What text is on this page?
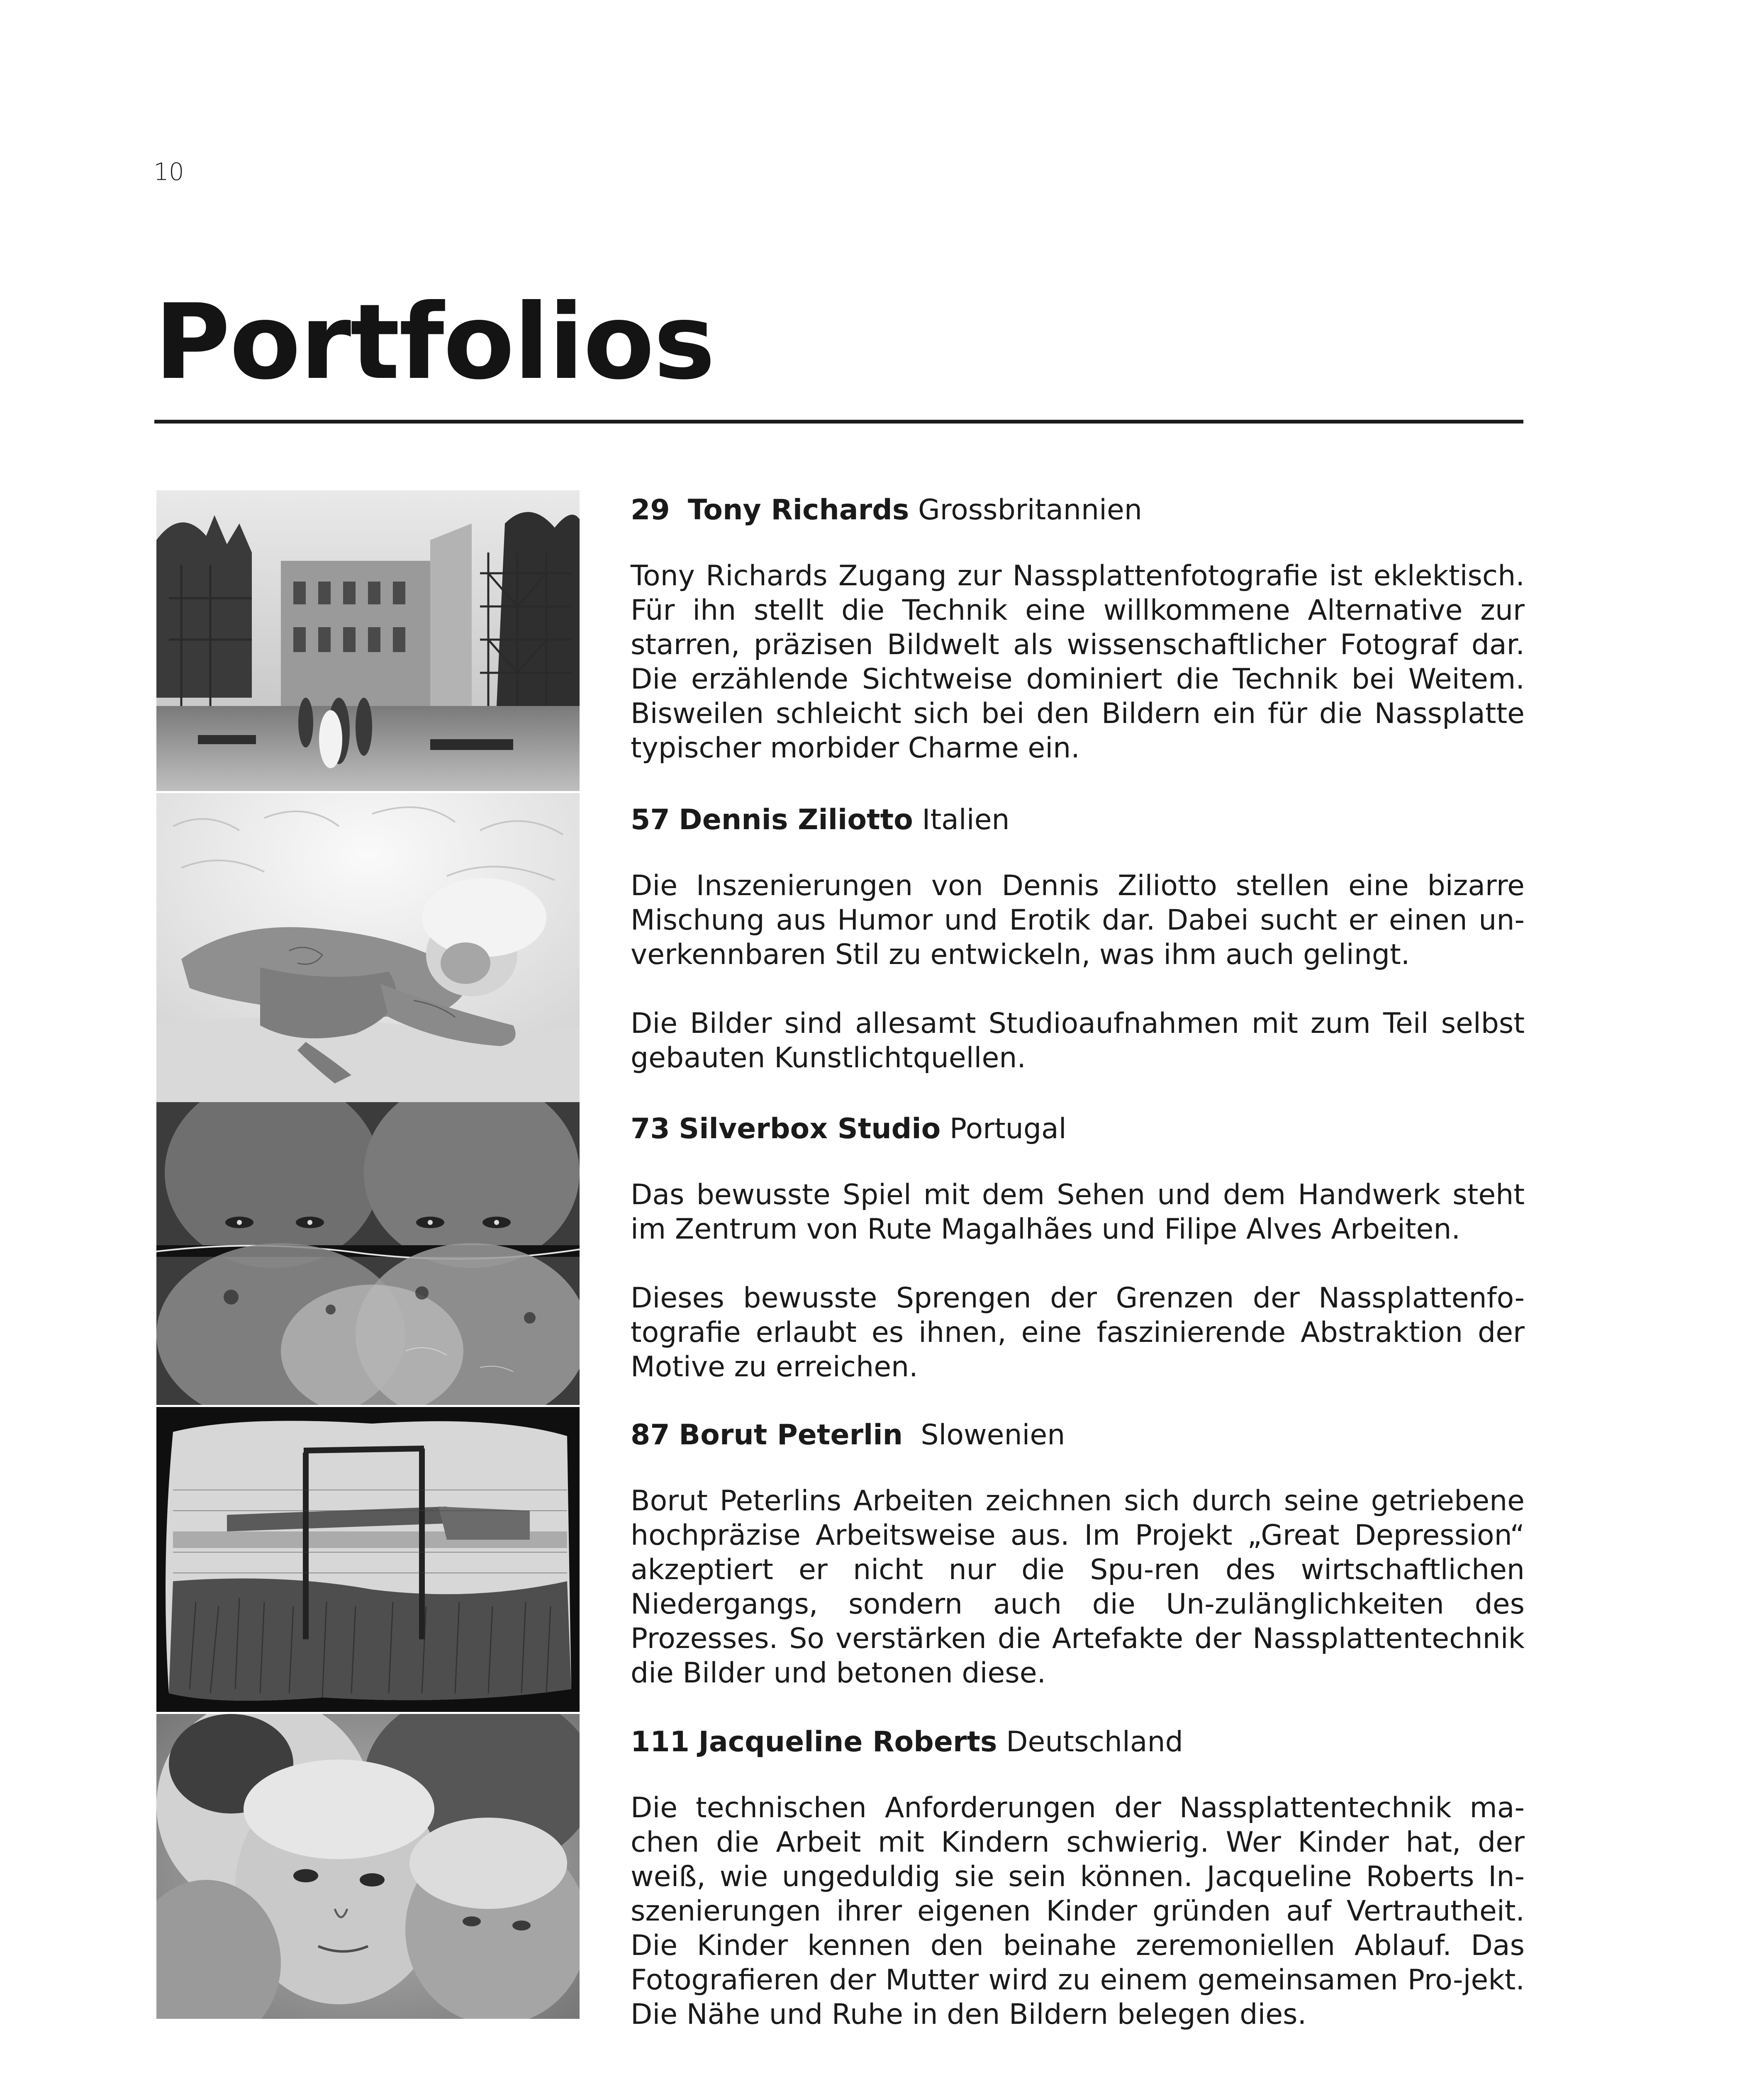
10
Portfolios
29 Tony Richards Grossbritannien

Tony Richards Zugang zur Nassplattenfotografie ist eklektisch. Für ihn stellt die Technik eine willkommene Alternative zur starren, präzisen Bildwelt als wissenschaftlicher Fotograf dar. Die erzählende Sichtweise dominiert die Technik bei Weitem. Bisweilen schleicht sich bei den Bildern ein für die Nassplatte typischer morbider Charme ein.

57 Dennis Ziliotto Italien

Die Inszenierungen von Dennis Ziliotto stellen eine bizarre Mischung aus Humor und Erotik dar. Dabei sucht er einen un-verkennbaren Stil zu entwickeln, was ihm auch gelingt.

Die Bilder sind allesamt Studioaufnahmen mit zum Teil selbst gebauten Kunstlichtquellen.

73 Silverbox Studio Portugal

Das bewusste Spiel mit dem Sehen und dem Handwerk steht im Zentrum von Rute Magalhães und Filipe Alves Arbeiten.

Dieses bewusste Sprengen der Grenzen der Nassplattenfo-tografie erlaubt es ihnen, eine faszinierende Abstraktion der Motive zu erreichen.

87 Borut Peterlin Slowenien

Borut Peterlins Arbeiten zeichnen sich durch seine getriebene hochpräzise Arbeitsweise aus. Im Projekt „Great Depression“ akzeptiert er nicht nur die Spu-ren des wirtschaftlichen Niedergangs, sondern auch die Un-zulänglichkeiten des Prozesses. So verstärken die Artefakte der Nassplattentechnik die Bilder und betonen diese.

111 Jacqueline Roberts Deutschland

Die technischen Anforderungen der Nassplattentechnik ma-chen die Arbeit mit Kindern schwierig. Wer Kinder hat, der weiß, wie ungeduldig sie sein können. Jacqueline Roberts In-szenierungen ihrer eigenen Kinder gründen auf Vertrautheit. Die Kinder kennen den beinahe zeremoniellen Ablauf. Das Fotografieren der Mutter wird zu einem gemeinsamen Pro-jekt. Die Nähe und Ruhe in den Bildern belegen dies.
